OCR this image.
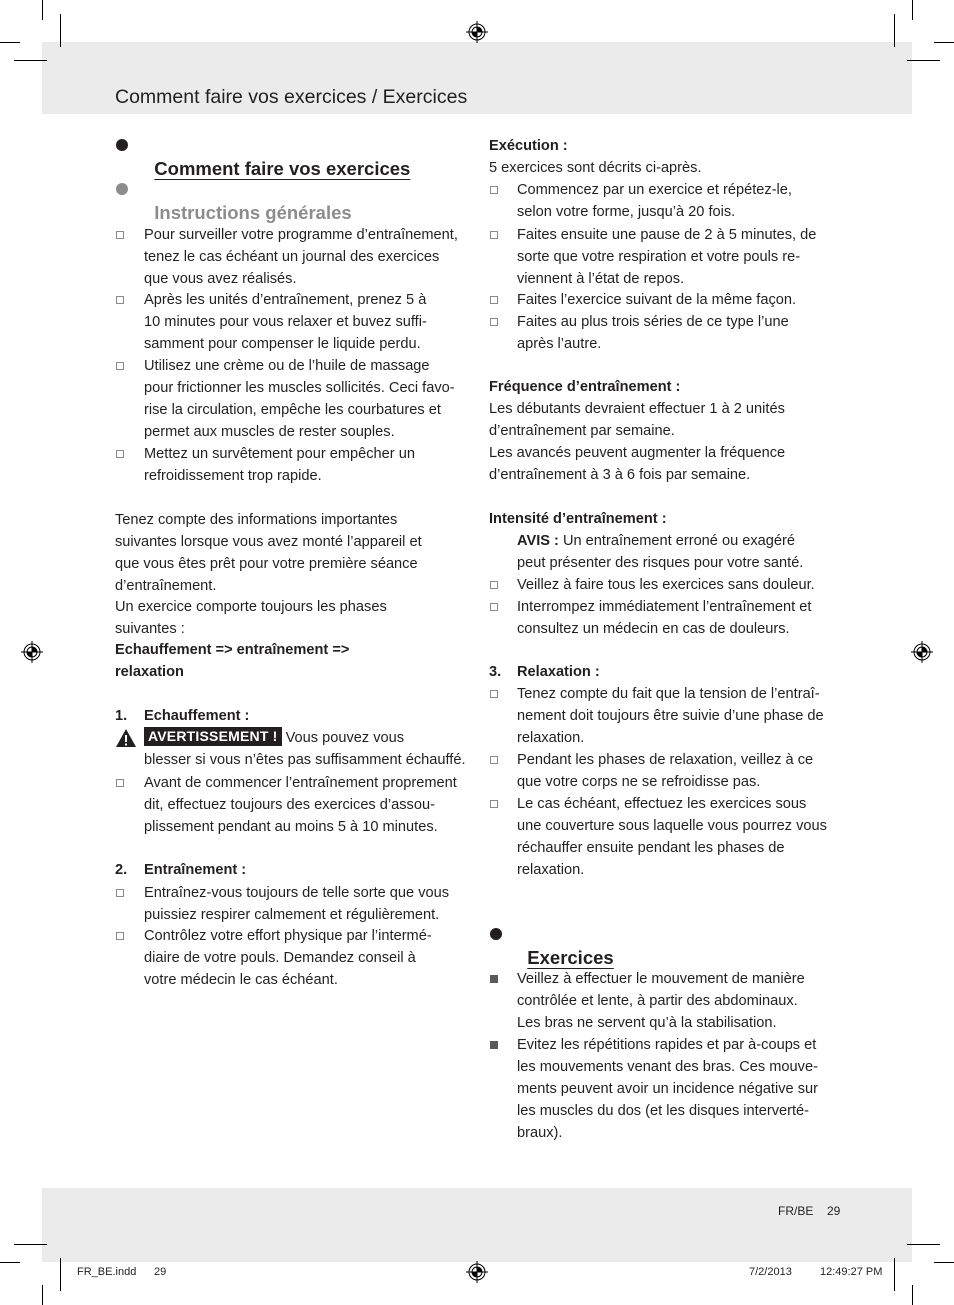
Comment faire vos exercices / Exercices

Comment faire vos exercices

Instructions générales

Pour surveiller votre programme d’entraînement,
tenez le cas échéant un journal des exercices
que vous avez réalisés.
Après les unités d’entraînement, prenez 5 à
10 minutes pour vous relaxer et buvez suffi-
samment pour compenser le liquide perdu.
Utilisez une crème ou de l’huile de massage
pour frictionner les muscles sollicités. Ceci favo-
rise la circulation, empêche les courbatures et
permet aux muscles de rester souples.
Mettez un survêtement pour empêcher un
refroidissement trop rapide.
Tenez compte des informations importantes
suivantes lorsque vous avez monté l’appareil et
que vous êtes prêt pour votre première séance
d’entraînement.
Un exercice comporte toujours les phases
suivantes :
Echauffement => entraînement =>
relaxation
1. Echauffement :
AVERTISSEMENT ! Vous pouvez vous
blesser si vous n’êtes pas suffisamment échauffé.
Avant de commencer l’entraînement proprement
dit, effectuez toujours des exercices d’assou-
plissement pendant au moins 5 à 10 minutes.
2. Entraînement :
Entraînez-vous toujours de telle sorte que vous
puissiez respirer calmement et régulièrement.
Contrôlez votre effort physique par l’intermé-
diaire de votre pouls. Demandez conseil à
votre médecin le cas échéant.
Exécution :
5 exercices sont décrits ci-après.
Commencez par un exercice et répétez-le,
selon votre forme, jusqu’à 20 fois.
Faites ensuite une pause de 2 à 5 minutes, de
sorte que votre respiration et votre pouls re-
viennent à l’état de repos.
Faites l’exercice suivant de la même façon.
Faites au plus trois séries de ce type l’une
après l’autre.
Fréquence d’entraînement :
Les débutants devraient effectuer 1 à 2 unités
d’entraînement par semaine.
Les avancés peuvent augmenter la fréquence
d’entraînement à 3 à 6 fois par semaine.
Intensité d’entraînement :
AVIS : Un entraînement erroné ou exagéré
peut présenter des risques pour votre santé.
Veillez à faire tous les exercices sans douleur.
Interrompez immédiatement l’entraînement et
consultez un médecin en cas de douleurs.
3. Relaxation :
Tenez compte du fait que la tension de l’entraî-
nement doit toujours être suivie d’une phase de
relaxation.
Pendant les phases de relaxation, veillez à ce
que votre corps ne se refroidisse pas.
Le cas échéant, effectuez les exercices sous
une couverture sous laquelle vous pourrez vous
réchauffer ensuite pendant les phases de
relaxation.

Exercices

Veillez à effectuer le mouvement de manière
contrôlée et lente, à partir des abdominaux.
Les bras ne servent qu’à la stabilisation.
Evitez les répétitions rapides et par à-coups et
les mouvements venant des bras. Ces mouve-
ments peuvent avoir un incidence négative sur
les muscles du dos (et les disques interverté-
braux).
FR/BE 29
FR_BE.indd 29	7/2/2013	12:49:27 PM
